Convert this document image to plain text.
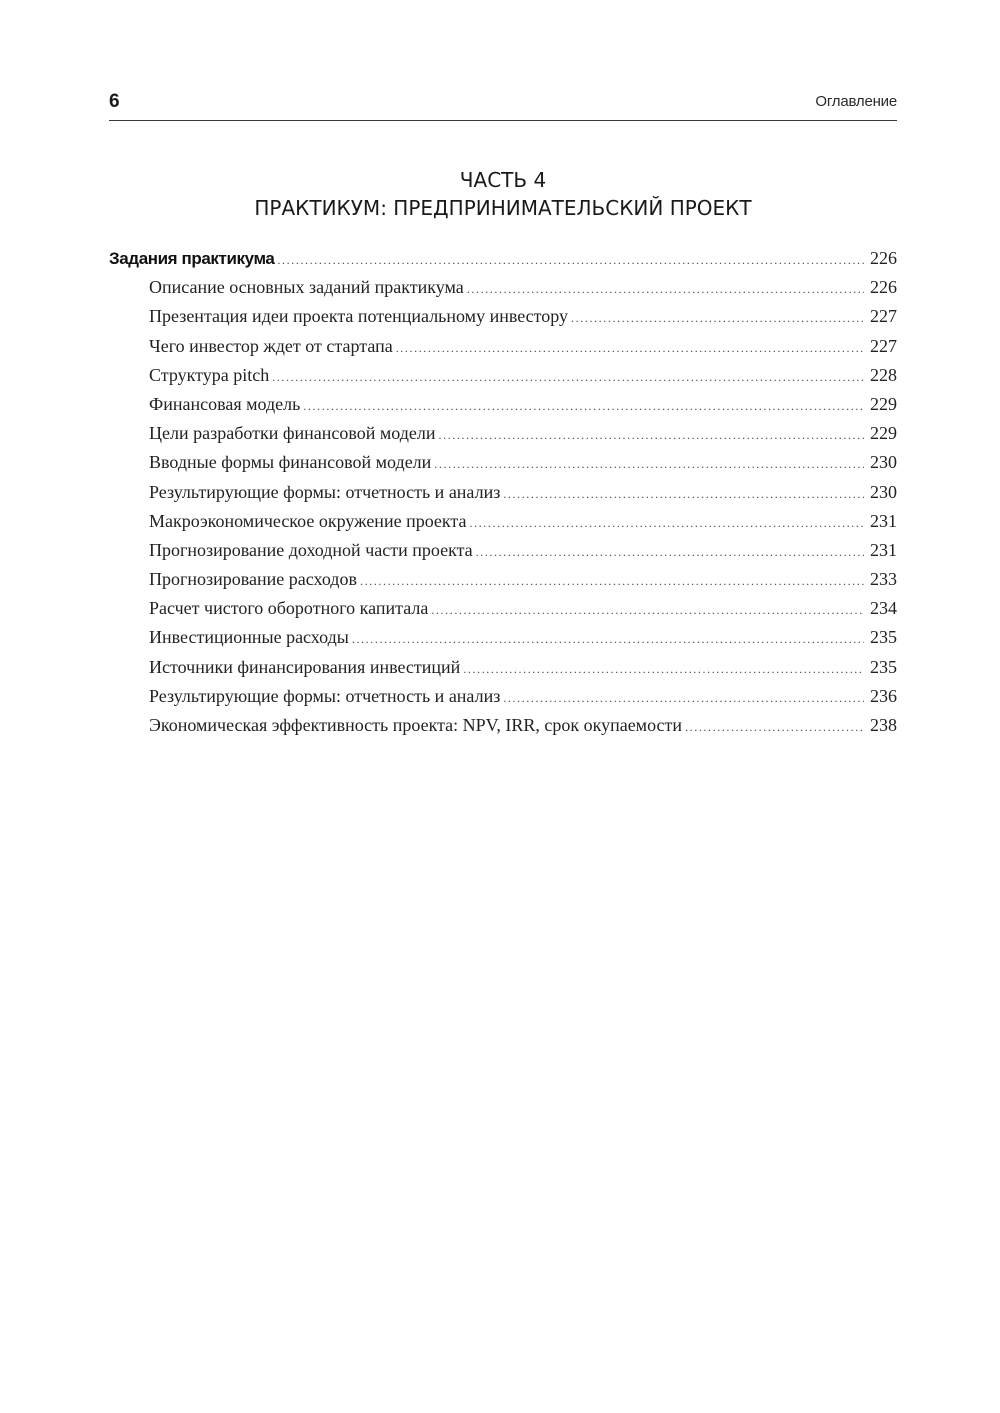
6	Оглавление
ЧАСТЬ 4
ПРАКТИКУМ: ПРЕДПРИНИМАТЕЛЬСКИЙ ПРОЕКТ
Задания практикума .....	226
Описание основных заданий практикума .....	226
Презентация идеи проекта потенциальному инвестору .....	227
Чего инвестор ждет от стартапа .....	227
Структура pitch .....	228
Финансовая модель .....	229
Цели разработки финансовой модели .....	229
Вводные формы финансовой модели .....	230
Результирующие формы: отчетность и анализ .....	230
Макроэкономическое окружение проекта .....	231
Прогнозирование доходной части проекта .....	231
Прогнозирование расходов .....	233
Расчет чистого оборотного капитала .....	234
Инвестиционные расходы .....	235
Источники финансирования инвестиций .....	235
Результирующие формы: отчетность и анализ .....	236
Экономическая эффективность проекта: NPV, IRR, срок окупаемости .....	238
